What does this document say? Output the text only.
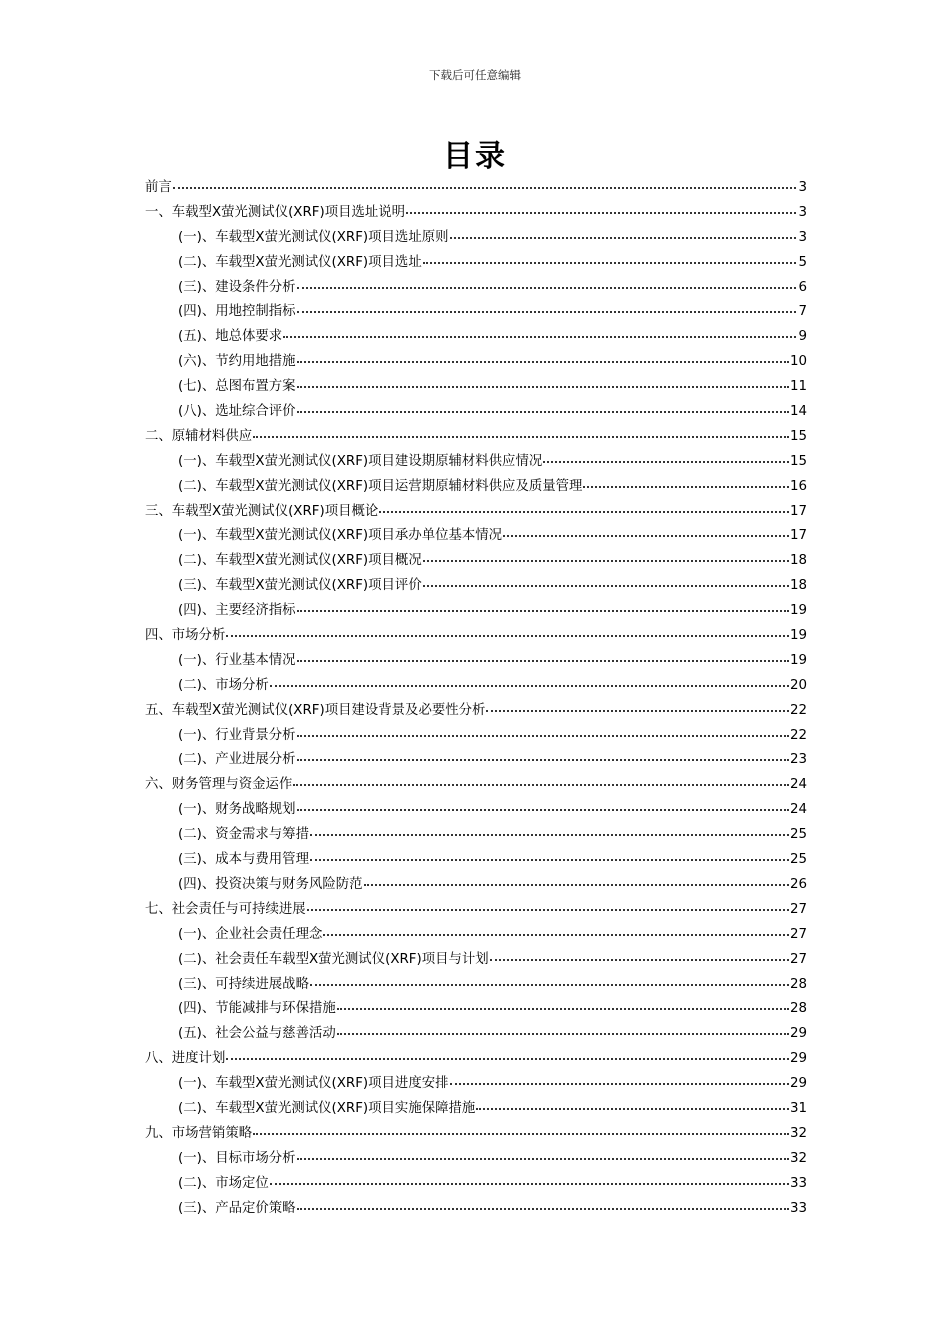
下载后可任意编辑
目录
前言	3
一、车载型X萤光测试仪(XRF)项目选址说明	3
(一)、车载型X萤光测试仪(XRF)项目选址原则	3
(二)、车载型X萤光测试仪(XRF)项目选址	5
(三)、建设条件分析	6
(四)、用地控制指标	7
(五)、地总体要求	9
(六)、节约用地措施	10
(七)、总图布置方案	11
(八)、选址综合评价	14
二、原辅材料供应	15
(一)、车载型X萤光测试仪(XRF)项目建设期原辅材料供应情况	15
(二)、车载型X萤光测试仪(XRF)项目运营期原辅材料供应及质量管理	16
三、车载型X萤光测试仪(XRF)项目概论	17
(一)、车载型X萤光测试仪(XRF)项目承办单位基本情况	17
(二)、车载型X萤光测试仪(XRF)项目概况	18
(三)、车载型X萤光测试仪(XRF)项目评价	18
(四)、主要经济指标	19
四、市场分析	19
(一)、行业基本情况	19
(二)、市场分析	20
五、车载型X萤光测试仪(XRF)项目建设背景及必要性分析	22
(一)、行业背景分析	22
(二)、产业进展分析	23
六、财务管理与资金运作	24
(一)、财务战略规划	24
(二)、资金需求与筹措	25
(三)、成本与费用管理	25
(四)、投资决策与财务风险防范	26
七、社会责任与可持续进展	27
(一)、企业社会责任理念	27
(二)、社会责任车载型X萤光测试仪(XRF)项目与计划	27
(三)、可持续进展战略	28
(四)、节能减排与环保措施	28
(五)、社会公益与慈善活动	29
八、进度计划	29
(一)、车载型X萤光测试仪(XRF)项目进度安排	29
(二)、车载型X萤光测试仪(XRF)项目实施保障措施	31
九、市场营销策略	32
(一)、目标市场分析	32
(二)、市场定位	33
(三)、产品定价策略	33
